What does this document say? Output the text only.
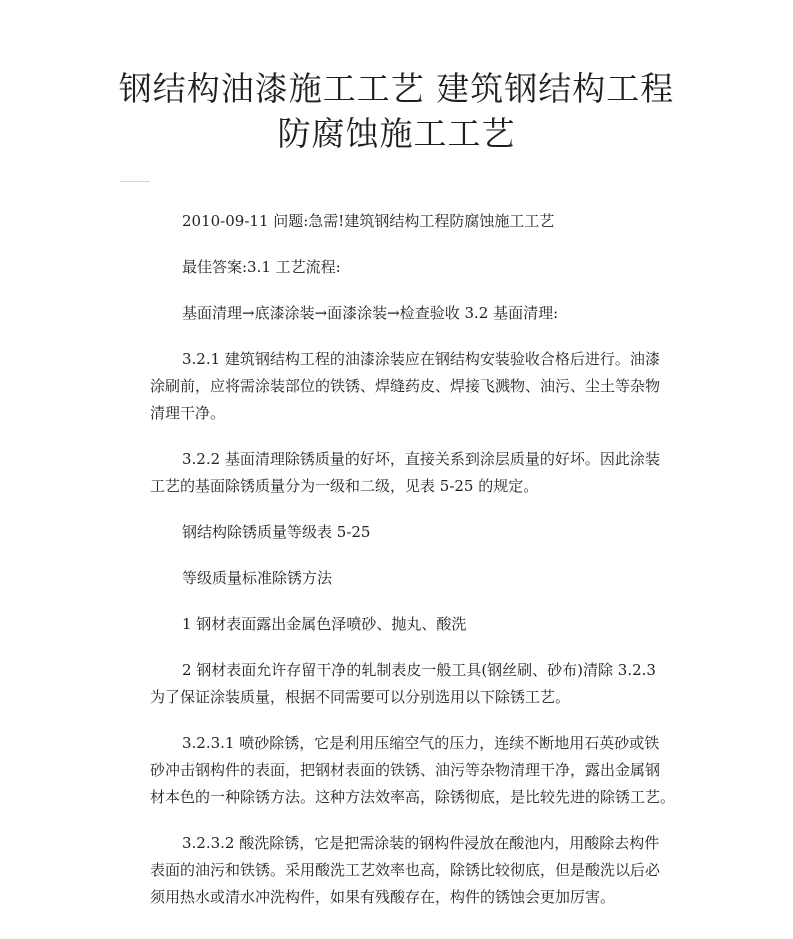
钢结构油漆施工工艺 建筑钢结构工程
防腐蚀施工工艺
2010-09-11 问题:急需!建筑钢结构工程防腐蚀施工工艺
最佳答案:3.1 工艺流程:
基面清理→底漆涂装→面漆涂装→检查验收 3.2 基面清理:
3.2.1 建筑钢结构工程的油漆涂装应在钢结构安装验收合格后进行。油漆
涂刷前，应将需涂装部位的铁锈、焊缝药皮、焊接飞溅物、油污、尘土等杂物
清理干净。
3.2.2 基面清理除锈质量的好坏，直接关系到涂层质量的好坏。因此涂装
工艺的基面除锈质量分为一级和二级，见表 5-25 的规定。
钢结构除锈质量等级表 5-25
等级质量标准除锈方法
1 钢材表面露出金属色泽喷砂、抛丸、酸洗
2 钢材表面允许存留干净的轧制表皮一般工具(钢丝刷、砂布)清除 3.2.3
为了保证涂装质量，根据不同需要可以分别选用以下除锈工艺。
3.2.3.1 喷砂除锈，它是利用压缩空气的压力，连续不断地用石英砂或铁
砂冲击钢构件的表面，把钢材表面的铁锈、油污等杂物清理干净，露出金属钢
材本色的一种除锈方法。这种方法效率高，除锈彻底，是比较先进的除锈工艺。
3.2.3.2 酸洗除锈，它是把需涂装的钢构件浸放在酸池内，用酸除去构件
表面的油污和铁锈。采用酸洗工艺效率也高，除锈比较彻底，但是酸洗以后必
须用热水或清水冲洗构件，如果有残酸存在，构件的锈蚀会更加厉害。
